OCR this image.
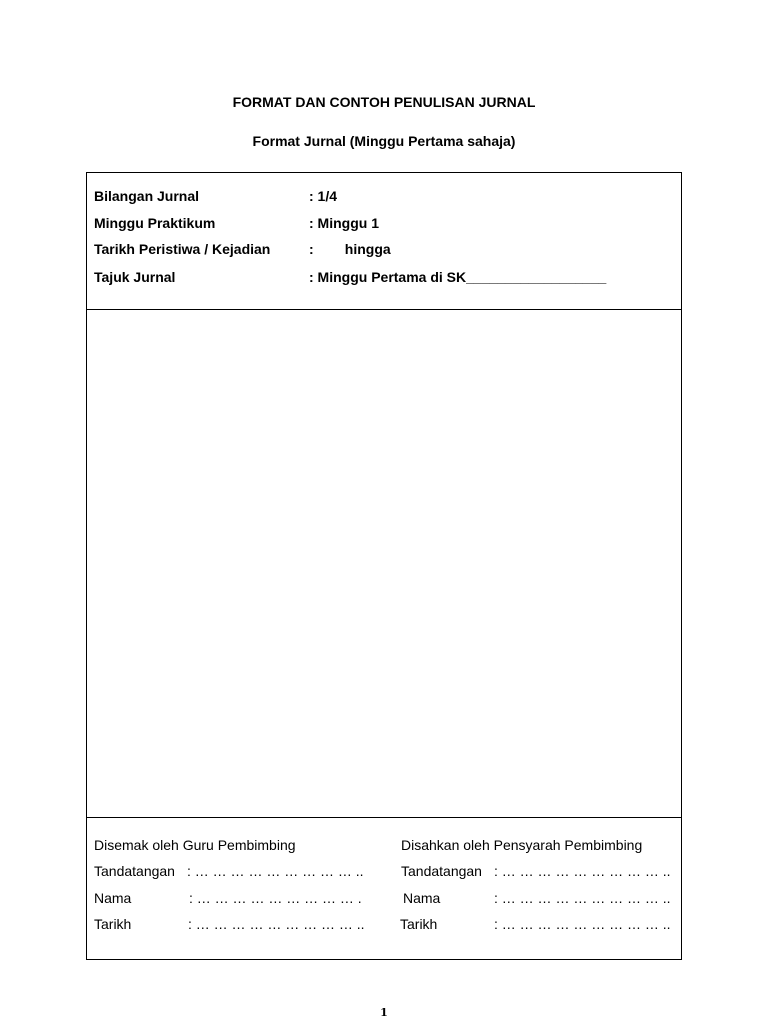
FORMAT DAN CONTOH PENULISAN JURNAL
Format Jurnal (Minggu Pertama sahaja)
Bilangan Jurnal	: 1/4
Minggu Praktikum	: Minggu 1
Tarikh Peristiwa / Kejadian	:        hingga
Tajuk Jurnal	: Minggu Pertama di SK__________________
Disemak oleh Guru Pembimbing
Tandatangan : … … … … … … … … … ..
Nama	: … … … … … … … … … .
Tarikh	: … … … … … … … … … ..
Disahkan oleh Pensyarah Pembimbing
Tandatangan : … … … … … … … … … ..
Nama	: … … … … … … … … … ..
Tarikh	: … … … … … … … … … ..
1
